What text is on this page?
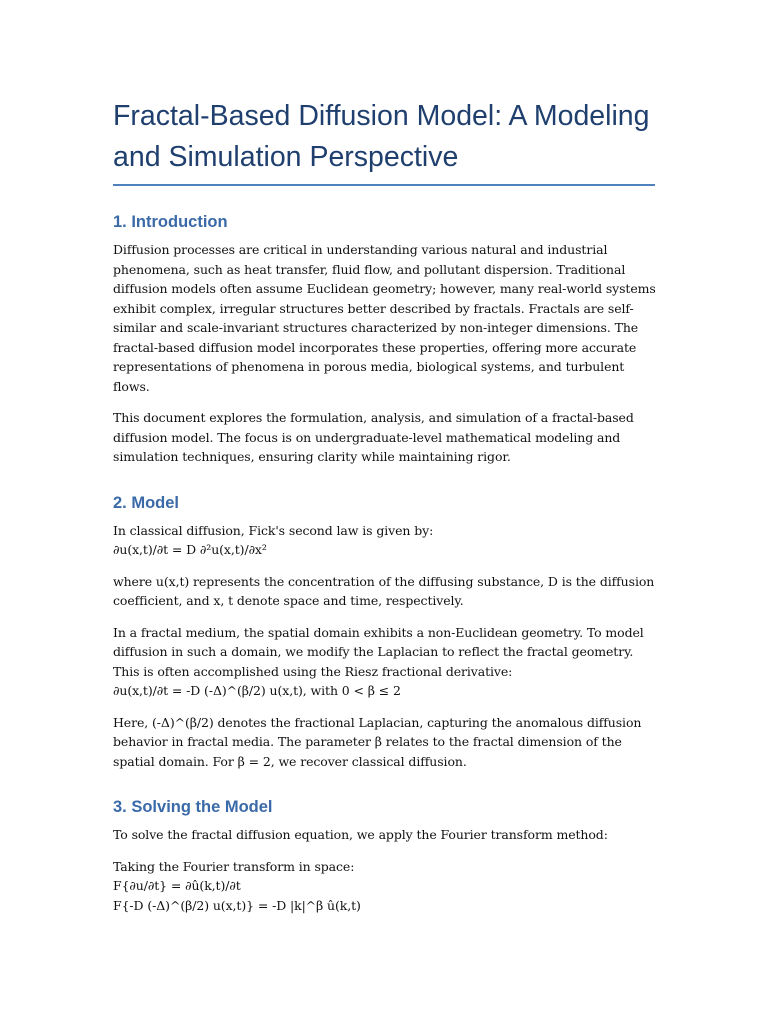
Fractal-Based Diffusion Model: A Modeling and Simulation Perspective
1. Introduction

Diffusion processes are critical in understanding various natural and industrial phenomena, such as heat transfer, fluid flow, and pollutant dispersion. Traditional diffusion models often assume Euclidean geometry; however, many real-world systems exhibit complex, irregular structures better described by fractals. Fractals are self-similar and scale-invariant structures characterized by non-integer dimensions. The fractal-based diffusion model incorporates these properties, offering more accurate representations of phenomena in porous media, biological systems, and turbulent flows.

This document explores the formulation, analysis, and simulation of a fractal-based diffusion model. The focus is on undergraduate-level mathematical modeling and simulation techniques, ensuring clarity while maintaining rigor.

2. Model

In classical diffusion, Fick's second law is given by:
∂u(x,t)/∂t = D ∂²u(x,t)/∂x²

where u(x,t) represents the concentration of the diffusing substance, D is the diffusion coefficient, and x, t denote space and time, respectively.

In a fractal medium, the spatial domain exhibits a non-Euclidean geometry. To model diffusion in such a domain, we modify the Laplacian to reflect the fractal geometry. This is often accomplished using the Riesz fractional derivative:
∂u(x,t)/∂t = -D (-Δ)^(β/2) u(x,t), with 0 < β ≤ 2

Here, (-Δ)^(β/2) denotes the fractional Laplacian, capturing the anomalous diffusion behavior in fractal media. The parameter β relates to the fractal dimension of the spatial domain. For β = 2, we recover classical diffusion.

3. Solving the Model

To solve the fractal diffusion equation, we apply the Fourier transform method:

Taking the Fourier transform in space:
F{∂u/∂t} = ∂û(k,t)/∂t
F{-D (-Δ)^(β/2) u(x,t)} = -D |k|^β û(k,t)
